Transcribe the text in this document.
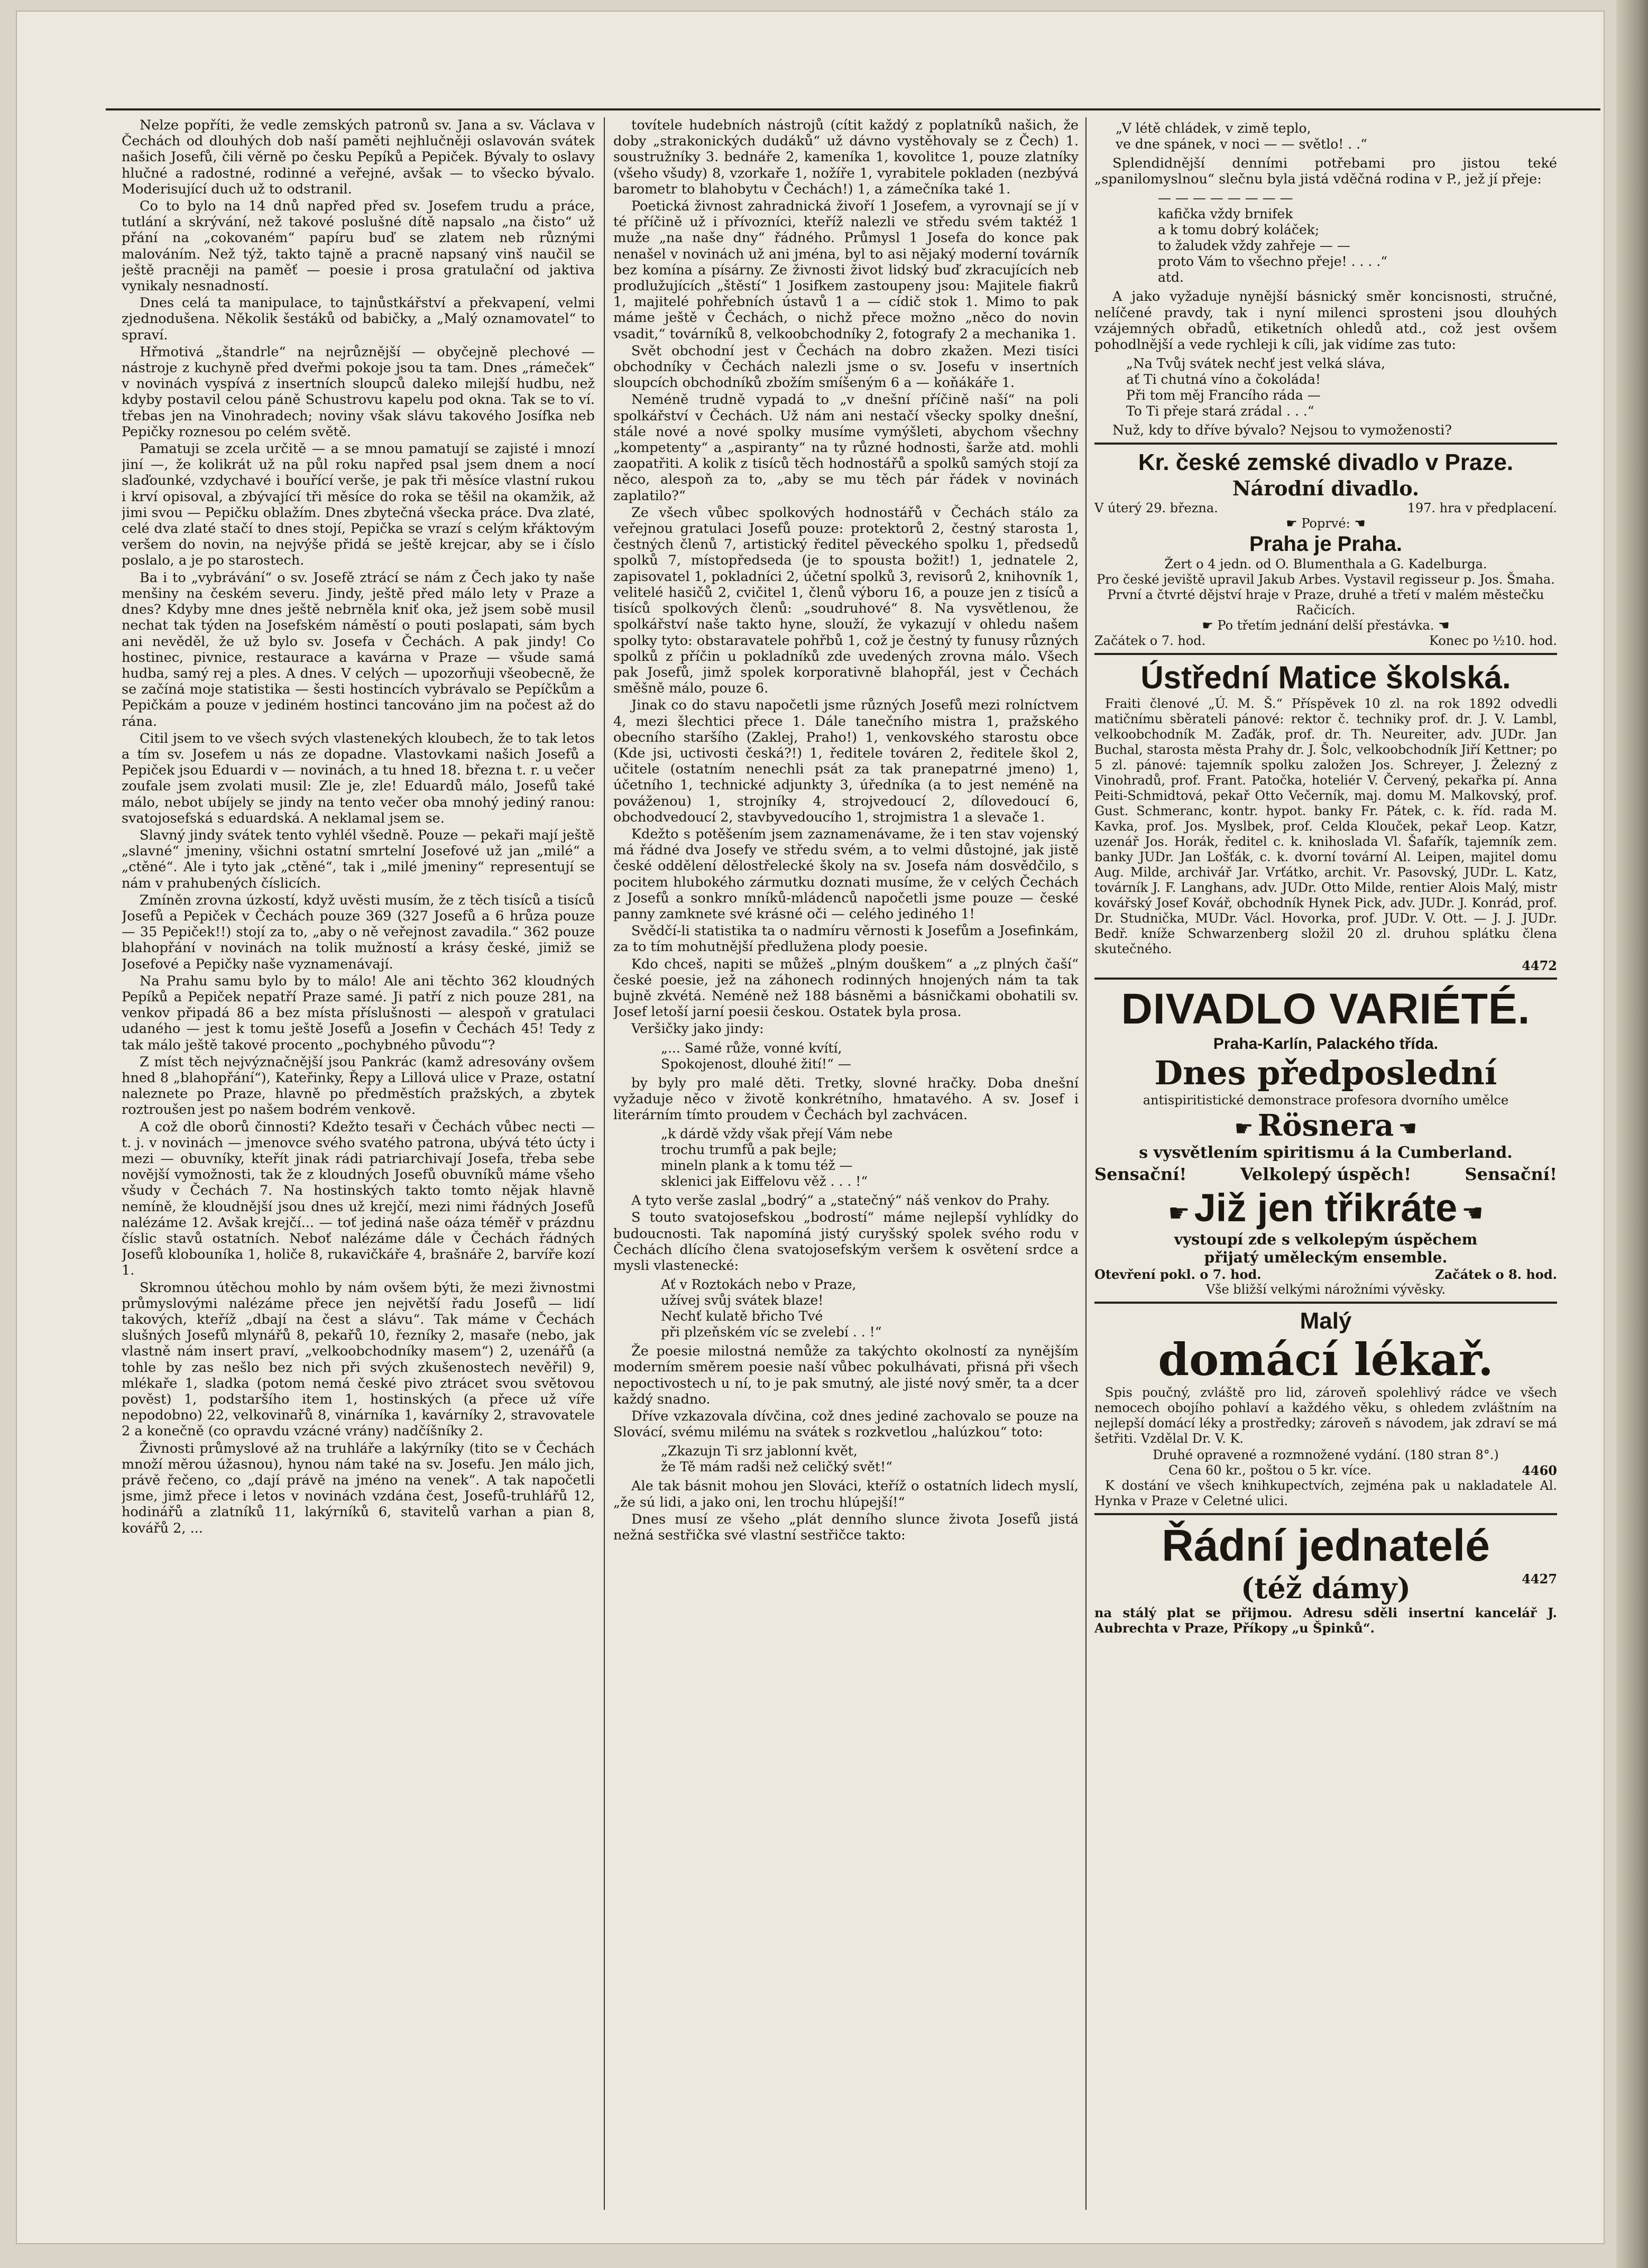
Nelze popříti, že vedle zemských patronů sv. Jana a sv. Václava v Čechách od dlouhých dob naší paměti nejhlučněji oslavován svátek našich Josefů, čili věrně po česku Pepíků a Pepiček. Bývaly to oslavy hlučné a radostné, rodinné a veřejné, avšak — to všecko bývalo. Moderisující duch už to odstranil.

Co to bylo na 14 dnů napřed před sv. Josefem trudu a práce, tutlání a skrývání, než takové poslušné dítě napsalo „na čisto“ už přání na „cokovaném“ papíru buď se zlatem neb různými malováním. Než týž, takto tajně a pracně napsaný vinš naučil se ještě pracněji na paměť — poesie i prosa gratulační od jaktiva vynikaly nesnadností.

Dnes celá ta manipulace, to tajnůstkářství a překvapení, velmi zjednodušena. Několik šestáků od babičky, a „Malý oznamovatel“ to spraví.

Hřmotivá „štandrle“ na nejrůznější — obyčejně plechové — nástroje z kuchyně před dveřmi pokoje jsou ta tam. Dnes „rámeček“ v novinách vyspívá z insertních sloupců daleko milejší hudbu, než kdyby postavil celou páně Schustrovu kapelu pod okna. Tak se to ví. třebas jen na Vinohradech; noviny však slávu takového Josífka neb Pepičky roznesou po celém světě.

Pamatuji se zcela určitě — a se mnou pamatují se zajisté i mnozí jiní —, že kolikrát už na půl roku napřed psal jsem dnem a nocí slaďounké, vzdychavé i bouřící verše, je pak tři měsíce vlastní rukou i krví opisoval, a zbývající tři měsíce do roka se těšil na okamžik, až jimi svou — Pepičku oblažím. Dnes zbytečná všecka práce. Dva zlaté, celé dva zlaté stačí to dnes stojí, Pepička se vrazí s celým křáktovým veršem do novin, na nejvýše přidá se ještě krejcar, aby se i číslo poslalo, a je po starostech.

Ba i to „vybrávání“ o sv. Josefě ztrácí se nám z Čech jako ty naše menšiny na českém severu. Jindy, ještě před málo lety v Praze a dnes? Kdyby mne dnes ještě nebrněla kniť oka, jež jsem sobě musil nechat tak týden na Josefském náměstí o pouti poslapati, sám bych ani nevěděl, že už bylo sv. Josefa v Čechách. A pak jindy! Co hostinec, pivnice, restaurace a kavárna v Praze — všude samá hudba, samý rej a ples. A dnes. V celých — upozorňuji všeobecně, že se začíná moje statistika — šesti hostincích vybrávalo se Pepíčkům a Pepičkám a pouze v jediném hostinci tancováno jim na počest až do rána.

Citil jsem to ve všech svých vlastenekých kloubech, že to tak letos a tím sv. Josefem u nás ze dopadne. Vlastovkami našich Josefů a Pepiček jsou Eduardi v — novinách, a tu hned 18. března t. r. u večer zoufale jsem zvolati musil: Zle je, zle! Eduardů málo, Josefů také málo, nebot ubíjely se jindy na tento večer oba mnohý jediný ranou: svatojosefská s eduardská. A neklamal jsem se.

Slavný jindy svátek tento vyhlél všedně. Pouze — pekaři mají ještě „slavné“ jmeniny, všichni ostatní smrtelní Josefové už jan „milé“ a „ctěné“. Ale i tyto jak „ctěné“, tak i „milé jmeniny“ representují se nám v prahubených číslicích.

Zmíněn zrovna úzkostí, když uvěsti musím, že z těch tisíců a tisíců Josefů a Pepiček v Čechách pouze 369 (327 Josefů a 6 hrůza pouze — 35 Pepiček!!) stojí za to, „aby o ně veřejnost zavadila.“ 362 pouze blahopřání v novinách na tolik mužností a krásy české, jimiž se Josefové a Pepičky naše vyznamenávají.

Na Prahu samu bylo by to málo! Ale ani těchto 362 kloudných Pepíků a Pepiček nepatří Praze samé. Ji patří z nich pouze 281, na venkov připadá 86 a bez místa příslušnosti — alespoň v gratulaci udaného — jest k tomu ještě Josefů a Josefin v Čechách 45! Tedy z tak málo ještě takové procento „pochybného původu“?

Z míst těch nejvýznačnější jsou Pankrác (kamž adresovány ovšem hned 8 „blahopřání“), Kateřinky, Řepy a Lillová ulice v Praze, ostatní naleznete po Praze, hlavně po předměstích pražských, a zbytek roztroušen jest po našem bodrém venkově.

A což dle oborů činnosti? Kdežto tesaři v Čechách vůbec necti — t. j. v novinách — jmenovce svého svatého patrona, ubývá této úcty i mezi — obuvníky, kteřít jinak rádi patriarchivají Josefa, třeba sebe novější vymožnosti, tak že z kloudných Josefů obuvníků máme všeho všudy v Čechách 7. Na hostinských takto tomto nějak hlavně nemíně, že kloudnější jsou dnes už krejčí, mezi nimi řádných Josefů nalézáme 12. Avšak krejčí... — toť jediná naše oáza téměř v prázdnu číslic stavů ostatních. Neboť nalézáme dále v Čechách řádných Josefů klobouníka 1, holiče 8, rukavičkáře 4, brašnáře 2, barvíře kozí 1.

Skromnou útěchou mohlo by nám ovšem býti, že mezi živnostmi průmyslovými nalézáme přece jen největší řadu Josefů — lidí takových, kteříž „dbají na čest a slávu“. Tak máme v Čechách slušných Josefů mlynářů 8, pekařů 10, řezníky 2, masaře (nebo, jak vlastně nám insert praví, „velkoobchodníky masem“) 2, uzenářů (a tohle by zas nešlo bez nich při svých zkušenostech nevěřil) 9, mlékaře 1, sladka (potom nemá české pivo ztrácet svou světovou pověst) 1, podstaršího item 1, hostinských (a přece už víře nepodobno) 22, velkovinařů 8, vinárníka 1, kavárníky 2, stravovatele 2 a konečně (co opravdu vzácné vrány) nadčíšníky 2.

Živnosti průmyslové až na truhláře a lakýrníky (tito se v Čechách množí měrou úžasnou), hynou nám také na sv. Josefu. Jen málo jich, právě řečeno, co „dají právě na jméno na venek“. A tak napočetli jsme, jimž přece i letos v novinách vzdána čest, Josefů-truhlářů 12, hodinářů a zlatníků 11, lakýrníků 6, stavitelů varhan a pian 8, kovářů 2, ...

tovítele hudebních nástrojů (cítit každý z poplatníků našich, že doby „strakonických dudáků“ už dávno vystěhovaly se z Čech) 1. soustružníky 3. bednáře 2, kameníka 1, kovolitce 1, pouze zlatníky (všeho všudy) 8, vzorkaře 1, nožíře 1, vyrabitele pokladen (nezbývá barometr to blahobytu v Čechách!) 1, a zámečníka také 1.

Poetická živnost zahradnická živoří 1 Josefem, a vyrovnají se jí v té příčině už i přívozníci, kteříž nalezli ve středu svém taktéž 1 muže „na naše dny“ řádného. Průmysl 1 Josefa do konce pak nenašel v novinách už ani jména, byl to asi nějaký moderní továrník bez komína a písárny. Ze živnosti život lidský buď zkracujících neb prodlužujících „štěstí“ 1 Josifkem zastoupeny jsou: Majitele fiakrů 1, majitelé pohřebních ústavů 1 a — cídič stok 1. Mimo to pak máme ještě v Čechách, o nichž přece možno „něco do novin vsadit,“ továrníků 8, velkoobchodníky 2, fotografy 2 a mechanika 1.

Svět obchodní jest v Čechách na dobro zkažen. Mezi tisíci obchodníky v Čechách nalezli jsme o sv. Josefu v insertních sloupcích obchodníků zbožím smíšeným 6 a — koňákáře 1.

Neméně trudně vypadá to „v dnešní příčině naší“ na poli spolkářství v Čechách. Už nám ani nestačí všecky spolky dnešní, stále nové a nové spolky musíme vymýšleti, abychom všechny „kompetenty“ a „aspiranty“ na ty různé hodnosti, šarže atd. mohli zaopatřiti. A kolik z tisíců těch hodnostářů a spolků samých stojí za něco, alespoň za to, „aby se mu těch pár řádek v novinách zaplatilo?“

Ze všech vůbec spolkových hodnostářů v Čechách stálo za veřejnou gratulaci Josefů pouze: protektorů 2, čestný starosta 1, čestných členů 7, artistický ředitel pěveckého spolku 1, předsedů spolků 7, místopředseda (je to spousta božit!) 1, jednatele 2, zapisovatel 1, pokladníci 2, účetní spolků 3, revisorů 2, knihovník 1, velitelé hasičů 2, cvičitel 1, členů výboru 16, a pouze jen z tisíců a tisíců spolkových členů: „soudruhové“ 8. Na vysvětlenou, že spolkářství naše takto hyne, slouží, že vykazují v ohledu našem spolky tyto: obstaravatele pohřbů 1, což je čestný ty funusy různých spolků z příčin u pokladníků zde uvedených zrovna málo. Všech pak Josefů, jimž spolek korporativně blahopřál, jest v Čechách směšně málo, pouze 6.

Jinak co do stavu napočetli jsme různých Josefů mezi rolníctvem 4, mezi šlechtici přece 1. Dále tanečního mistra 1, pražského obecního staršího (Zaklej, Praho!) 1, venkovského starostu obce (Kde jsi, uctivosti česká?!) 1, ředitele továren 2, ředitele škol 2, učitele (ostatním nenechli psát za tak pranepatrné jmeno) 1, účetního 1, technické adjunkty 3, úředníka (a to jest neméně na pováženou) 1, strojníky 4, strojvedoucí 2, dílovedoucí 6, obchodvedoucí 2, stavbyvedoucího 1, strojmistra 1 a slevače 1.

Kdežto s potěšením jsem zaznamenávame, že i ten stav vojenský má řádné dva Josefy ve středu svém, a to velmi důstojné, jak jistě české oddělení dělostřelecké školy na sv. Josefa nám dosvědčilo, s pocitem hlubokého zármutku doznati musíme, že v celých Čechách z Josefů a sonkro mníků-mládenců napočetli jsme pouze — české panny zamknete své krásné oči — celého jediného 1!

Svědčí-li statistika ta o nadmíru věrnosti k Josefům a Josefinkám, za to tím mohutnější předlužena plody poesie.

Kdo chceš, napiti se můžeš „plným douškem“ a „z plných čaší“ české poesie, jež na záhonech rodinných hnojených nám ta tak bujně zkvétá. Neméně než 188 básněmi a básničkami obohatili sv. Josef letoší jarní poesii českou. Ostatek byla prosa.

Veršičky jako jindy:

„... Samé růže, vonné kvítí,
Spokojenost, dlouhé žití!“ —

by byly pro malé děti. Tretky, slovné hračky. Doba dnešní vyžaduje něco v životě konkrétního, hmatavého. A sv. Josef i literárním tímto proudem v Čechách byl zachvácen.

„k dárdě vždy však přejí Vám nebe
trochu trumfů a pak bejle;
mineln plank a k tomu též —
sklenici jak Eiffelovu věž . . . !“

A tyto verše zaslal „bodrý“ a „statečný“ náš venkov do Prahy.

S touto svatojosefskou „bodrostí“ máme nejlepší vyhlídky do budoucnosti. Tak napomíná jistý curyšský spolek svého rodu v Čechách dlícího člena svatojosefským veršem k osvětení srdce a mysli vlastenecké:

Ať v Roztokách nebo v Praze,
užívej svůj svátek blaze!
Nechť kulatě břicho Tvé
při plzeňském víc se zvelebí . . !“

Že poesie milostná nemůže za takýchto okolností za nynějším moderním směrem poesie naší vůbec pokulhávati, přisná při všech nepoctivostech u ní, to je pak smutný, ale jisté nový směr, ta a dcer každý snadno.

Dříve vzkazovala dívčina, což dnes jediné zachovalo se pouze na Slovácí, svému milému na svátek s rozkvetlou „halúzkou“ toto:

„Zkazujn Ti srz jablonní květ,
že Tě mám radši než celičký svět!“

Ale tak básnit mohou jen Slováci, kteříž o ostatních lidech myslí, „že sú lidi, a jako oni, len trochu hlúpejší!“

Dnes musí ze všeho „plát denního slunce života Josefů jistá nežná sestřička své vlastní sestřičce takto:

„V létě chládek, v zimě teplo,
ve dne spánek, v noci — — světlo! . .“

Splendidnější denními potřebami pro jistou teké „spanilomyslnou“ slečnu byla jistá vděčná rodina v P., jež jí přeje:

— — — — — — — —
kafička vždy brnifek
a k tomu dobrý koláček;
to žaludek vždy zahřeje — —
proto Vám to všechno přeje! . . . .“
atd.

A jako vyžaduje nynější básnický směr koncisnosti, stručné, nelíčené pravdy, tak i nyní milenci sprosteni jsou dlouhých vzájemných obřadů, etiketních ohledů atd., což jest ovšem pohodlnější a vede rychleji k cíli, jak vidíme zas tuto:

„Na Tvůj svátek nechť jest velká sláva,
ať Ti chutná víno a čokoláda!
Při tom měj Francího ráda —
To Ti přeje stará zrádal . . .“

Nuž, kdy to dříve bývalo? Nejsou to vymoženosti?

Kr. české zemské divadlo v Praze.
Národní divadlo.
V úterý 29. března.	197. hra v předplacení.
☛ Poprvé: ☚
Praha je Praha.
Žert o 4 jedn. od O. Blumenthala a G. Kadelburga.
Pro české jeviště upravil Jakub Arbes. Vystavil regisseur p. Jos. Šmaha.
První a čtvrté dějství hraje v Praze, druhé a třetí v malém městečku Račicích.
☛ Po třetím jednání delší přestávka. ☚
Začátek o 7. hod.	Konec po ½10. hod.
Ústřední Matice školská.

Fraiti členové „Ú. M. Š.“ Příspěvek 10 zl. na rok 1892 odvedli matičnímu sběrateli pánové: rektor č. techniky prof. dr. J. V. Lambl, velkoobchodník M. Zaďák, prof. dr. Th. Neureiter, adv. JUDr. Jan Buchal, starosta města Prahy dr. J. Šolc, velkoobchodník Jiří Kettner; po 5 zl. pánové: tajemník spolku založen Jos. Schreyer, J. Železný z Vinohradů, prof. Frant. Patočka, hoteliér V. Červený, pekařka pí. Anna Peiti-Schmidtová, pekař Otto Večerník, maj. domu M. Malkovský, prof. Gust. Schmeranc, kontr. hypot. banky Fr. Pátek, c. k. říd. rada M. Kavka, prof. Jos. Myslbek, prof. Celda Klouček, pekař Leop. Katzr, uzenář Jos. Horák, ředitel c. k. knihoslada Vl. Šafařík, tajemník zem. banky JUDr. Jan Lošťák, c. k. dvorní tovární Al. Leipen, majitel domu Aug. Milde, archivář Jar. Vrťátko, archit. Vr. Pasovský, JUDr. L. Katz, továrník J. F. Langhans, adv. JUDr. Otto Milde, rentier Alois Malý, mistr kovářský Josef Kovář, obchodník Hynek Pick, adv. JUDr. J. Konrád, prof. Dr. Studnička, MUDr. Václ. Hovorka, prof. JUDr. V. Ott. — J. J. JUDr. Bedř. kníže Schwarzenberg složil 20 zl. druhou splátku člena skutečného.

4472
DIVADLO VARIÉTÉ.
Praha-Karlín, Palackého třída.
Dnes předposlední
antispiritistické demonstrace profesora dvorního umělce
☛ Rösnera ☚
s vysvětlením spiritismu á la Cumberland.
Sensační!	Velkolepý úspěch!	Sensační!
☛ Již jen třikráte ☚
vystoupí zde s velkolepým úspěchem
přijatý uměleckým ensemble.
Otevření pokl. o 7. hod.	Začátek o 8. hod.
Vše bližší velkými nárožními vývěsky.
Malý
domácí lékař.

Spis poučný, zvláště pro lid, zároveň spolehlivý rádce ve všech nemocech obojího pohlaví a každého věku, s ohledem zvláštním na nejlepší domácí léky a prostředky; zároveň s návodem, jak zdraví se má šetřiti. Vzdělal Dr. V. K.

Druhé opravené a rozmnožené vydání. (180 stran 8°.)
Cena 60 kr., poštou o 5 kr. více.	4460

K dostání ve všech knihkupectvích, zejména pak u nakladatele Al. Hynka v Praze v Celetné ulici.

Řádní jednatelé
(též dámy)	4427

na stálý plat se přijmou. Adresu sděli insertní kancelář J. Aubrechta v Praze, Příkopy „u Špinků“.
